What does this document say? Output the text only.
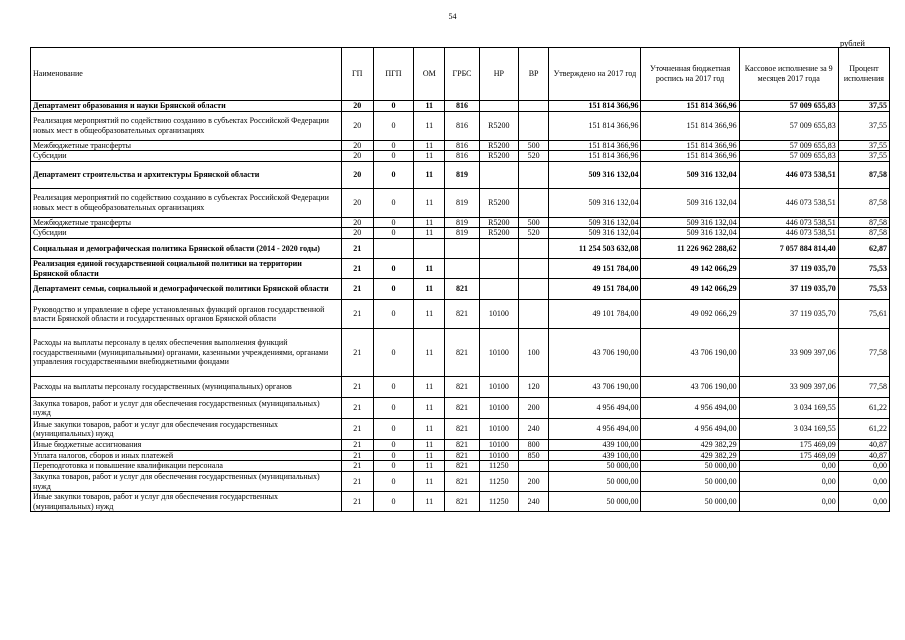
54
рублей
Наименование	ГП	ПГП	ОМ	ГРБС	НР	ВР	Утверждено на 2017 год	Уточненная бюджетная роспись на 2017 год	Кассовое исполнение за 9 месяцев 2017 года	Процент исполнения
Департамент образования и науки Брянской области	20	0	11	816			151 814 366,96	151 814 366,96	57 009 655,83	37,55
Реализация мероприятий по содействию созданию в субъектах Российской Федерации новых мест в общеобразовательных организациях	20	0	11	816	R5200		151 814 366,96	151 814 366,96	57 009 655,83	37,55
Межбюджетные трансферты	20	0	11	816	R5200	500	151 814 366,96	151 814 366,96	57 009 655,83	37,55
Субсидии	20	0	11	816	R5200	520	151 814 366,96	151 814 366,96	57 009 655,83	37,55
Департамент строительства и архитектуры Брянской области	20	0	11	819			509 316 132,04	509 316 132,04	446 073 538,51	87,58
Реализация мероприятий по содействию созданию в субъектах Российской Федерации новых мест в общеобразовательных организациях	20	0	11	819	R5200		509 316 132,04	509 316 132,04	446 073 538,51	87,58
Межбюджетные трансферты	20	0	11	819	R5200	500	509 316 132,04	509 316 132,04	446 073 538,51	87,58
Субсидии	20	0	11	819	R5200	520	509 316 132,04	509 316 132,04	446 073 538,51	87,58
Социальная и демографическая политика Брянской области (2014 - 2020 годы)	21						11 254 503 632,08	11 226 962 288,62	7 057 884 814,40	62,87
Реализация единой государственной социальной политики на территории Брянской области	21	0	11				49 151 784,00	49 142 066,29	37 119 035,70	75,53
Департамент семьи, социальной и демографической политики Брянской области	21	0	11	821			49 151 784,00	49 142 066,29	37 119 035,70	75,53
Руководство и управление в сфере установленных функций органов государственной власти Брянской области и государственных органов Брянской области	21	0	11	821	10100		49 101 784,00	49 092 066,29	37 119 035,70	75,61
Расходы на выплаты персоналу в целях обеспечения выполнения функций государственными (муниципальными) органами, казенными учреждениями, органами управления государственными внебюджетными фондами	21	0	11	821	10100	100	43 706 190,00	43 706 190,00	33 909 397,06	77,58
Расходы на выплаты персоналу государственных (муниципальных) органов	21	0	11	821	10100	120	43 706 190,00	43 706 190,00	33 909 397,06	77,58
Закупка товаров, работ и услуг для обеспечения государственных (муниципальных) нужд	21	0	11	821	10100	200	4 956 494,00	4 956 494,00	3 034 169,55	61,22
Иные закупки товаров, работ и услуг для обеспечения государственных (муниципальных) нужд	21	0	11	821	10100	240	4 956 494,00	4 956 494,00	3 034 169,55	61,22
Иные бюджетные ассигнования	21	0	11	821	10100	800	439 100,00	429 382,29	175 469,09	40,87
Уплата налогов, сборов и иных платежей	21	0	11	821	10100	850	439 100,00	429 382,29	175 469,09	40,87
Переподготовка и повышение квалификации персонала	21	0	11	821	11250		50 000,00	50 000,00	0,00	0,00
Закупка товаров, работ и услуг для обеспечения государственных (муниципальных) нужд	21	0	11	821	11250	200	50 000,00	50 000,00	0,00	0,00
Иные закупки товаров, работ и услуг для обеспечения государственных (муниципальных) нужд	21	0	11	821	11250	240	50 000,00	50 000,00	0,00	0,00
